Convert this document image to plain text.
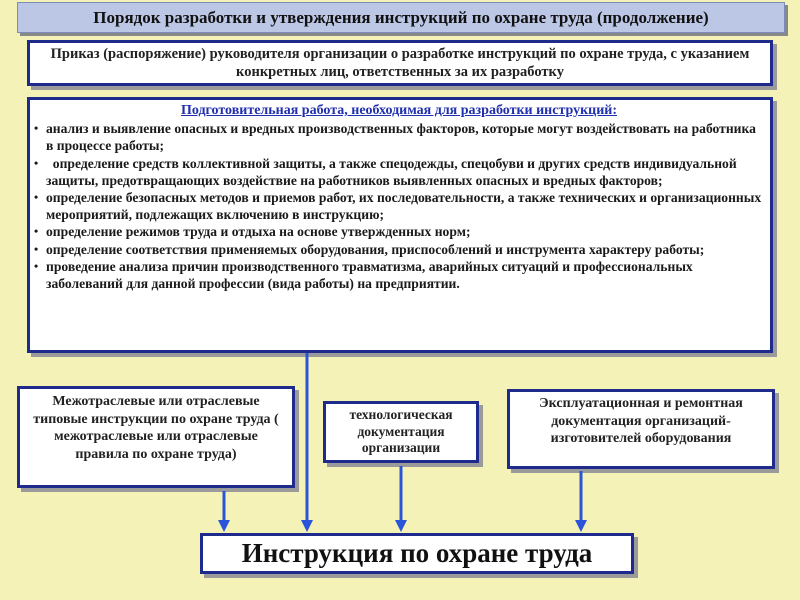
Порядок разработки и утверждения инструкций по охране труда (продолжение)
Приказ (распоряжение) руководителя организации о разработке инструкций по охране труда, с указанием конкретных лиц, ответственных за их разработку
Подготовительная работа, необходимая для разработки инструкций:
• анализ и выявление опасных и вредных производственных факторов, которые могут воздействовать на работника в процессе работы;
• определение средств коллективной защиты, а также спецодежды, спецобуви и других средств индивидуальной защиты, предотвращающих воздействие на работников выявленных опасных и вредных факторов;
• определение безопасных методов и приемов работ, их последовательности, а также технических и организационных мероприятий, подлежащих включению в инструкцию;
• определение режимов труда и отдыха на основе утвержденных норм;
• определение соответствия применяемых оборудования, приспособлений и инструмента характеру работы;
• проведение анализа причин производственного травматизма, аварийных ситуаций и профессиональных заболеваний для данной профессии (вида работы) на предприятии.
Межотраслевые или отраслевые типовые инструкции по охране труда ( межотраслевые или отраслевые правила по охране труда)
технологическая документация организации
Эксплуатационная и ремонтная документация организаций-изготовителей оборудования
Инструкция по охране труда
